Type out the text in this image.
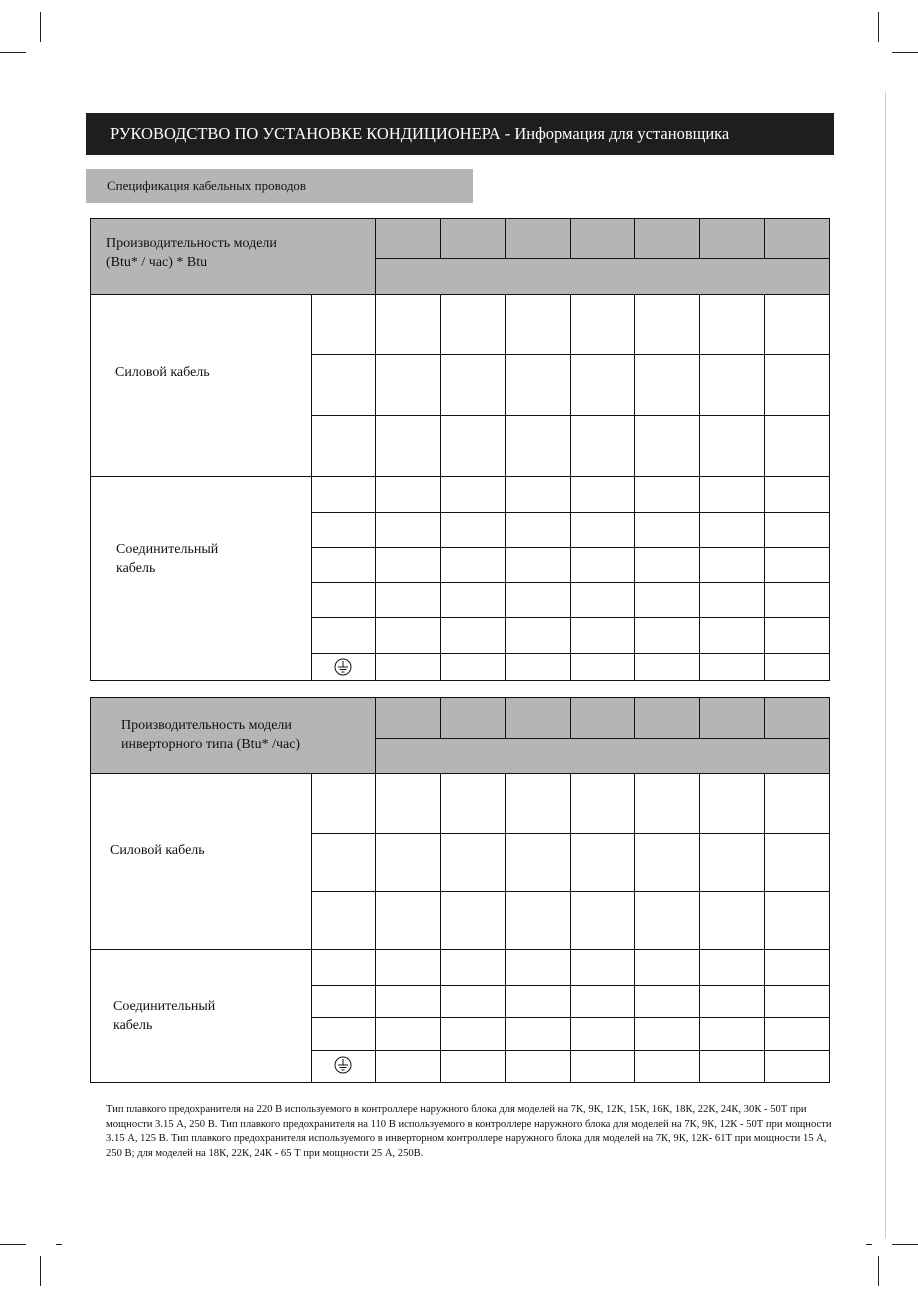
РУКОВОДСТВО ПО УСТАНОВКЕ КОНДИЦИОНЕРА - Информация для установщика
Спецификация кабельных проводов
Производительность модели
(Btu* / час) * Btu
Силовой кабель
Соединительный
кабель
Производительность модели
инверторного типа (Btu* /час)
Силовой кабель
Соединительный
кабель
Тип плавкого предохранителя на 220 В используемого в контроллере наружного блока для моделей на 7К, 9К, 12К, 15К, 16К, 18К, 22К, 24К, 30К - 50Т при мощности 3.15 А, 250 В. Тип плавкого предохранителя на 110 В используемого в контроллере наружного блока для моделей на 7К, 9К, 12К - 50Т при мощности 3.15 А, 125 В. Тип плавкого предохранителя используемого в инверторном контроллере наружного блока для моделей на 7К, 9К, 12К- 61Т при мощности 15 А, 250 В; для моделей на 18К, 22К, 24К - 65 Т при мощности 25 А, 250В.
